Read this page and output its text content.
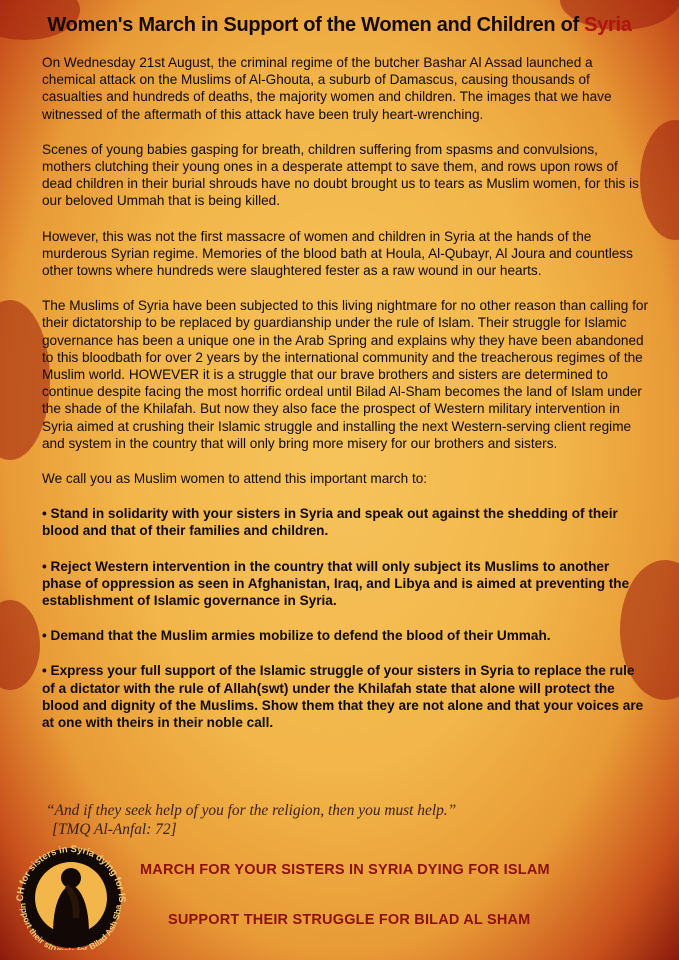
Women's March in Support of the Women and Children of Syria

On Wednesday 21st August, the criminal regime of the butcher Bashar Al Assad launched a chemical attack on the Muslims of Al-Ghouta, a suburb of Damascus, causing thousands of casualties and hundreds of deaths, the majority women and children. The images that we have witnessed of the aftermath of this attack have been truly heart-wrenching.

Scenes of young babies gasping for breath, children suffering from spasms and convulsions, mothers clutching their young ones in a desperate attempt to save them, and rows upon rows of dead children in their burial shrouds have no doubt brought us to tears as Muslim women, for this is our beloved Ummah that is being killed.

However, this was not the first massacre of women and children in Syria at the hands of the murderous Syrian regime. Memories of the blood bath at Houla, Al-Qubayr, Al Joura and countless other towns where hundreds were slaughtered fester as a raw wound in our hearts.

The Muslims of Syria have been subjected to this living nightmare for no other reason than calling for their dictatorship to be replaced by guardianship under the rule of Islam. Their struggle for Islamic governance has been a unique one in the Arab Spring and explains why they have been abandoned to this bloodbath for over 2 years by the international community and the treacherous regimes of the Muslim world. HOWEVER it is a struggle that our brave brothers and sisters are determined to continue despite facing the most horrific ordeal until Bilad Al-Sham becomes the land of Islam under the shade of the Khilafah. But now they also face the prospect of Western military intervention in Syria aimed at crushing their Islamic struggle and installing the next Western-serving client regime and system in the country that will only bring more misery for our brothers and sisters.

We call you as Muslim women to attend this important march to:

• Stand in solidarity with your sisters in Syria and speak out against the shedding of their blood and that of their families and children.

• Reject Western intervention in the country that will only subject its Muslims to another phase of oppression as seen in Afghanistan, Iraq, and Libya and is aimed at preventing the establishment of Islamic governance in Syria.

• Demand that the Muslim armies mobilize to defend the blood of their Ummah.

• Express your full support of the Islamic struggle of your sisters in Syria to replace the rule of a dictator with the rule of Allah(swt) under the Khilafah state that alone will protect the blood and dignity of the Muslims. Show them that they are not alone and that your voices are at one with theirs in their noble call.

“And if they seek help of you for the religion, then you must help.”
[TMQ Al-Anfal: 72]
CH for sisters in Syria dying for IS
upport their strug or Bilad Ash Sha
MARCH FOR YOUR SISTERS IN SYRIA DYING FOR ISLAM
SUPPORT THEIR STRUGGLE FOR BILAD AL SHAM
